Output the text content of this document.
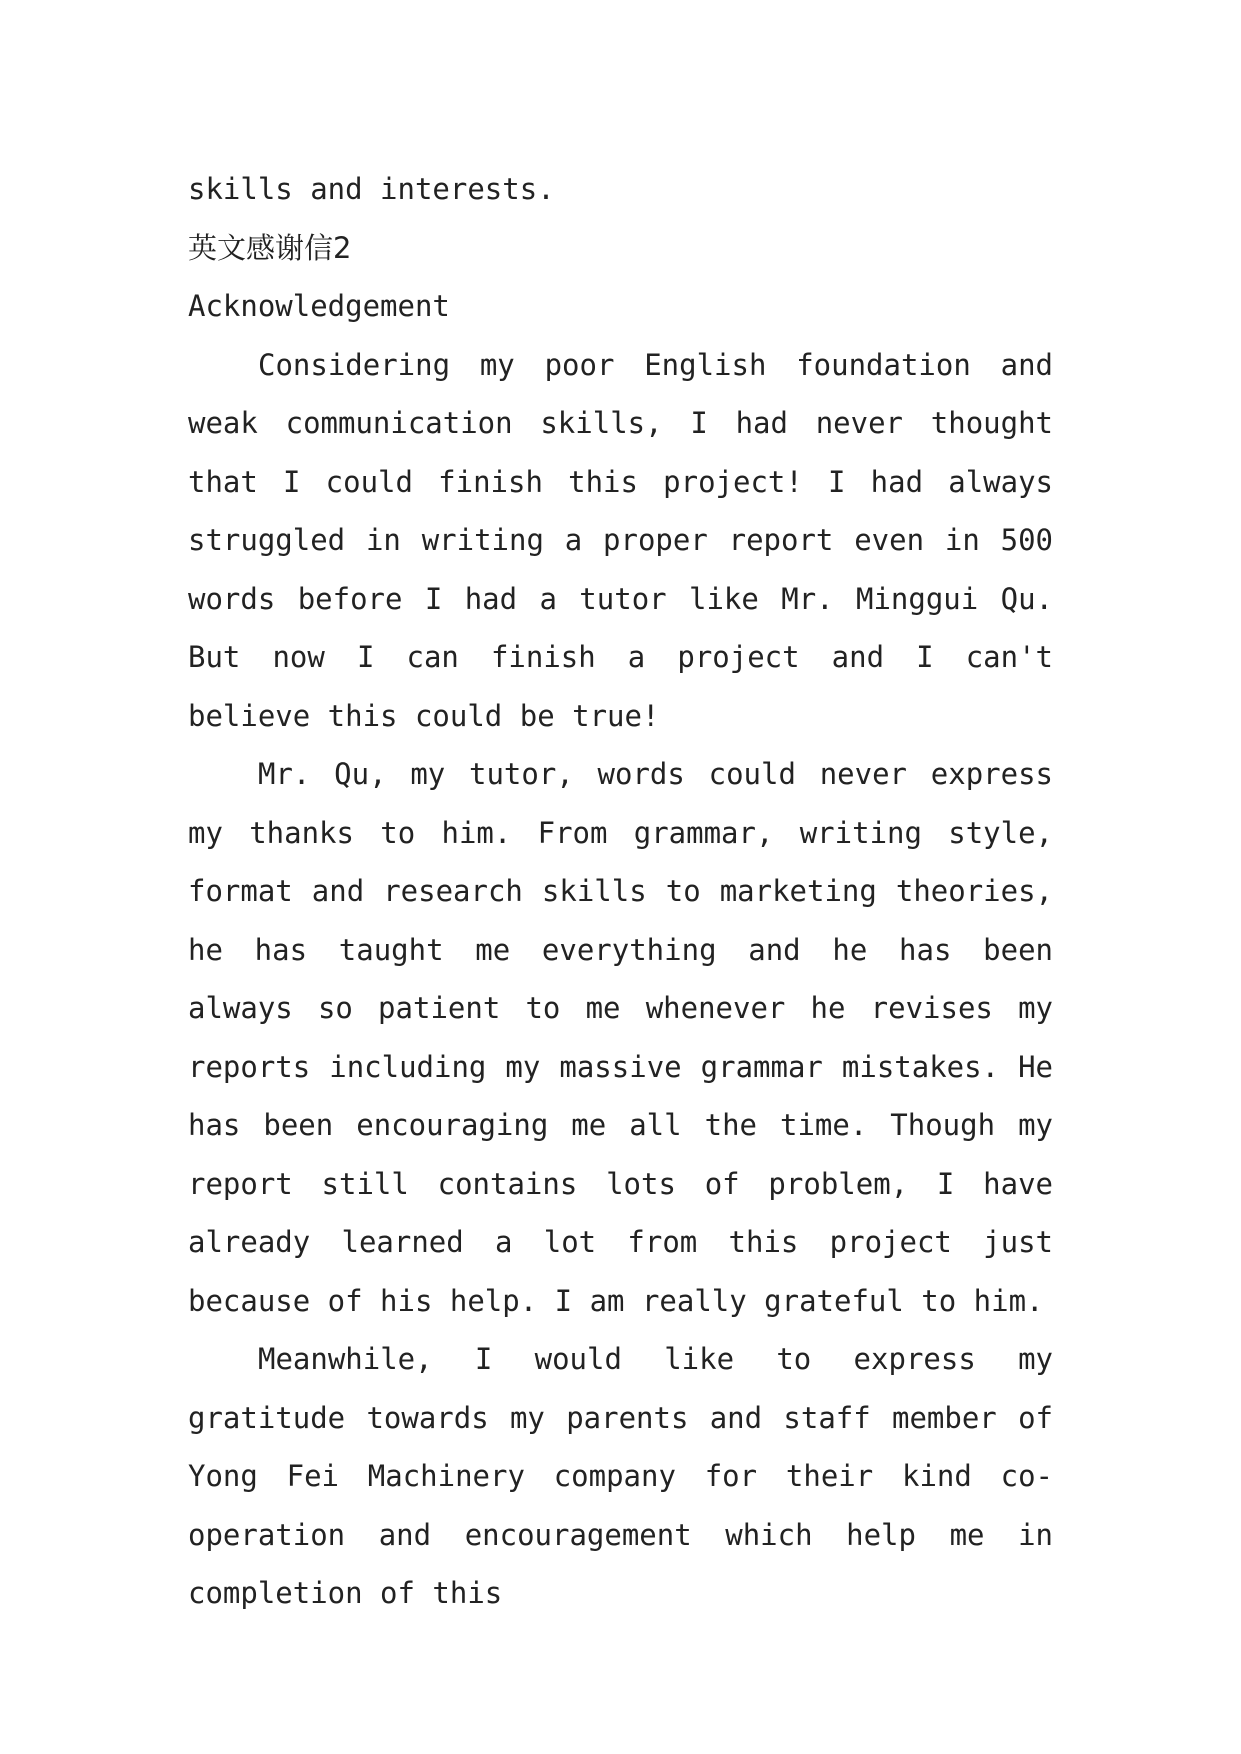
skills and interests.

英文感谢信2

Acknowledgement

Considering my poor English foundation and weak communication skills, I had never thought that I could finish this project! I had always struggled in writing a proper report even in 500 words before I had a tutor like Mr. Minggui Qu. But now I can finish a project and I can't believe this could be true!

Mr. Qu, my tutor, words could never express my thanks to him. From grammar, writing style, format and research skills to marketing theories, he has taught me everything and he has been always so patient to me whenever he revises my reports including my massive grammar mistakes. He has been encouraging me all the time. Though my report still contains lots of problem, I have already learned a lot from this project just because of his help. I am really grateful to him.

Meanwhile, I would like to express my gratitude towards my parents and staff member of Yong Fei Machinery company for their kind co-operation and encouragement which help me in completion of this
